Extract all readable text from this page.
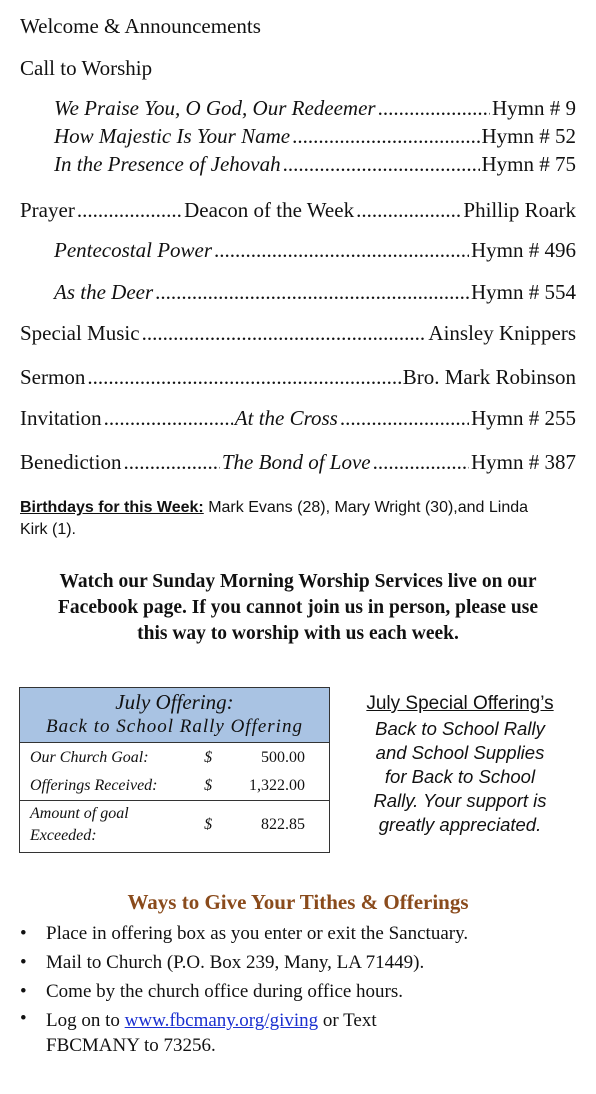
Welcome & Announcements
Call to Worship
We Praise You, O God, Our Redeemer .....	Hymn # 9
How Majestic Is Your Name .....	Hymn # 52
In the Presence of Jehovah .....	Hymn # 75
Prayer .....	Deacon of the Week .....	Phillip Roark
Pentecostal Power .....	Hymn # 496
As the Deer .....	Hymn # 554
Special Music .....	Ainsley Knippers
Sermon .....	Bro. Mark Robinson
Invitation .....	At the Cross .....	Hymn # 255
Benediction .....	The Bond of Love .....	Hymn # 387
Birthdays for this Week: Mark Evans (28), Mary Wright (30),and Linda Kirk (1).
Watch our Sunday Morning Worship Services live on our
Facebook page. If you cannot join us in person, please use
this way to worship with us each week.
July Offering:
Back to School Rally Offering
Our Church Goal:	$	500.00
Offerings Received:	$	1,322.00

Amount of goal
Exceeded:	$	822.85
July Special Offering’s
Back to School Rally
and School Supplies
for Back to School
Rally. Your support is
greatly appreciated.
Ways to Give Your Tithes & Offerings
• Place in offering box as you enter or exit the Sanctuary.
• Mail to Church (P.O. Box 239, Many, LA 71449).
• Come by the church office during office hours.
• Log on to www.fbcmany.org/giving or Text
FBCMANY to 73256.
